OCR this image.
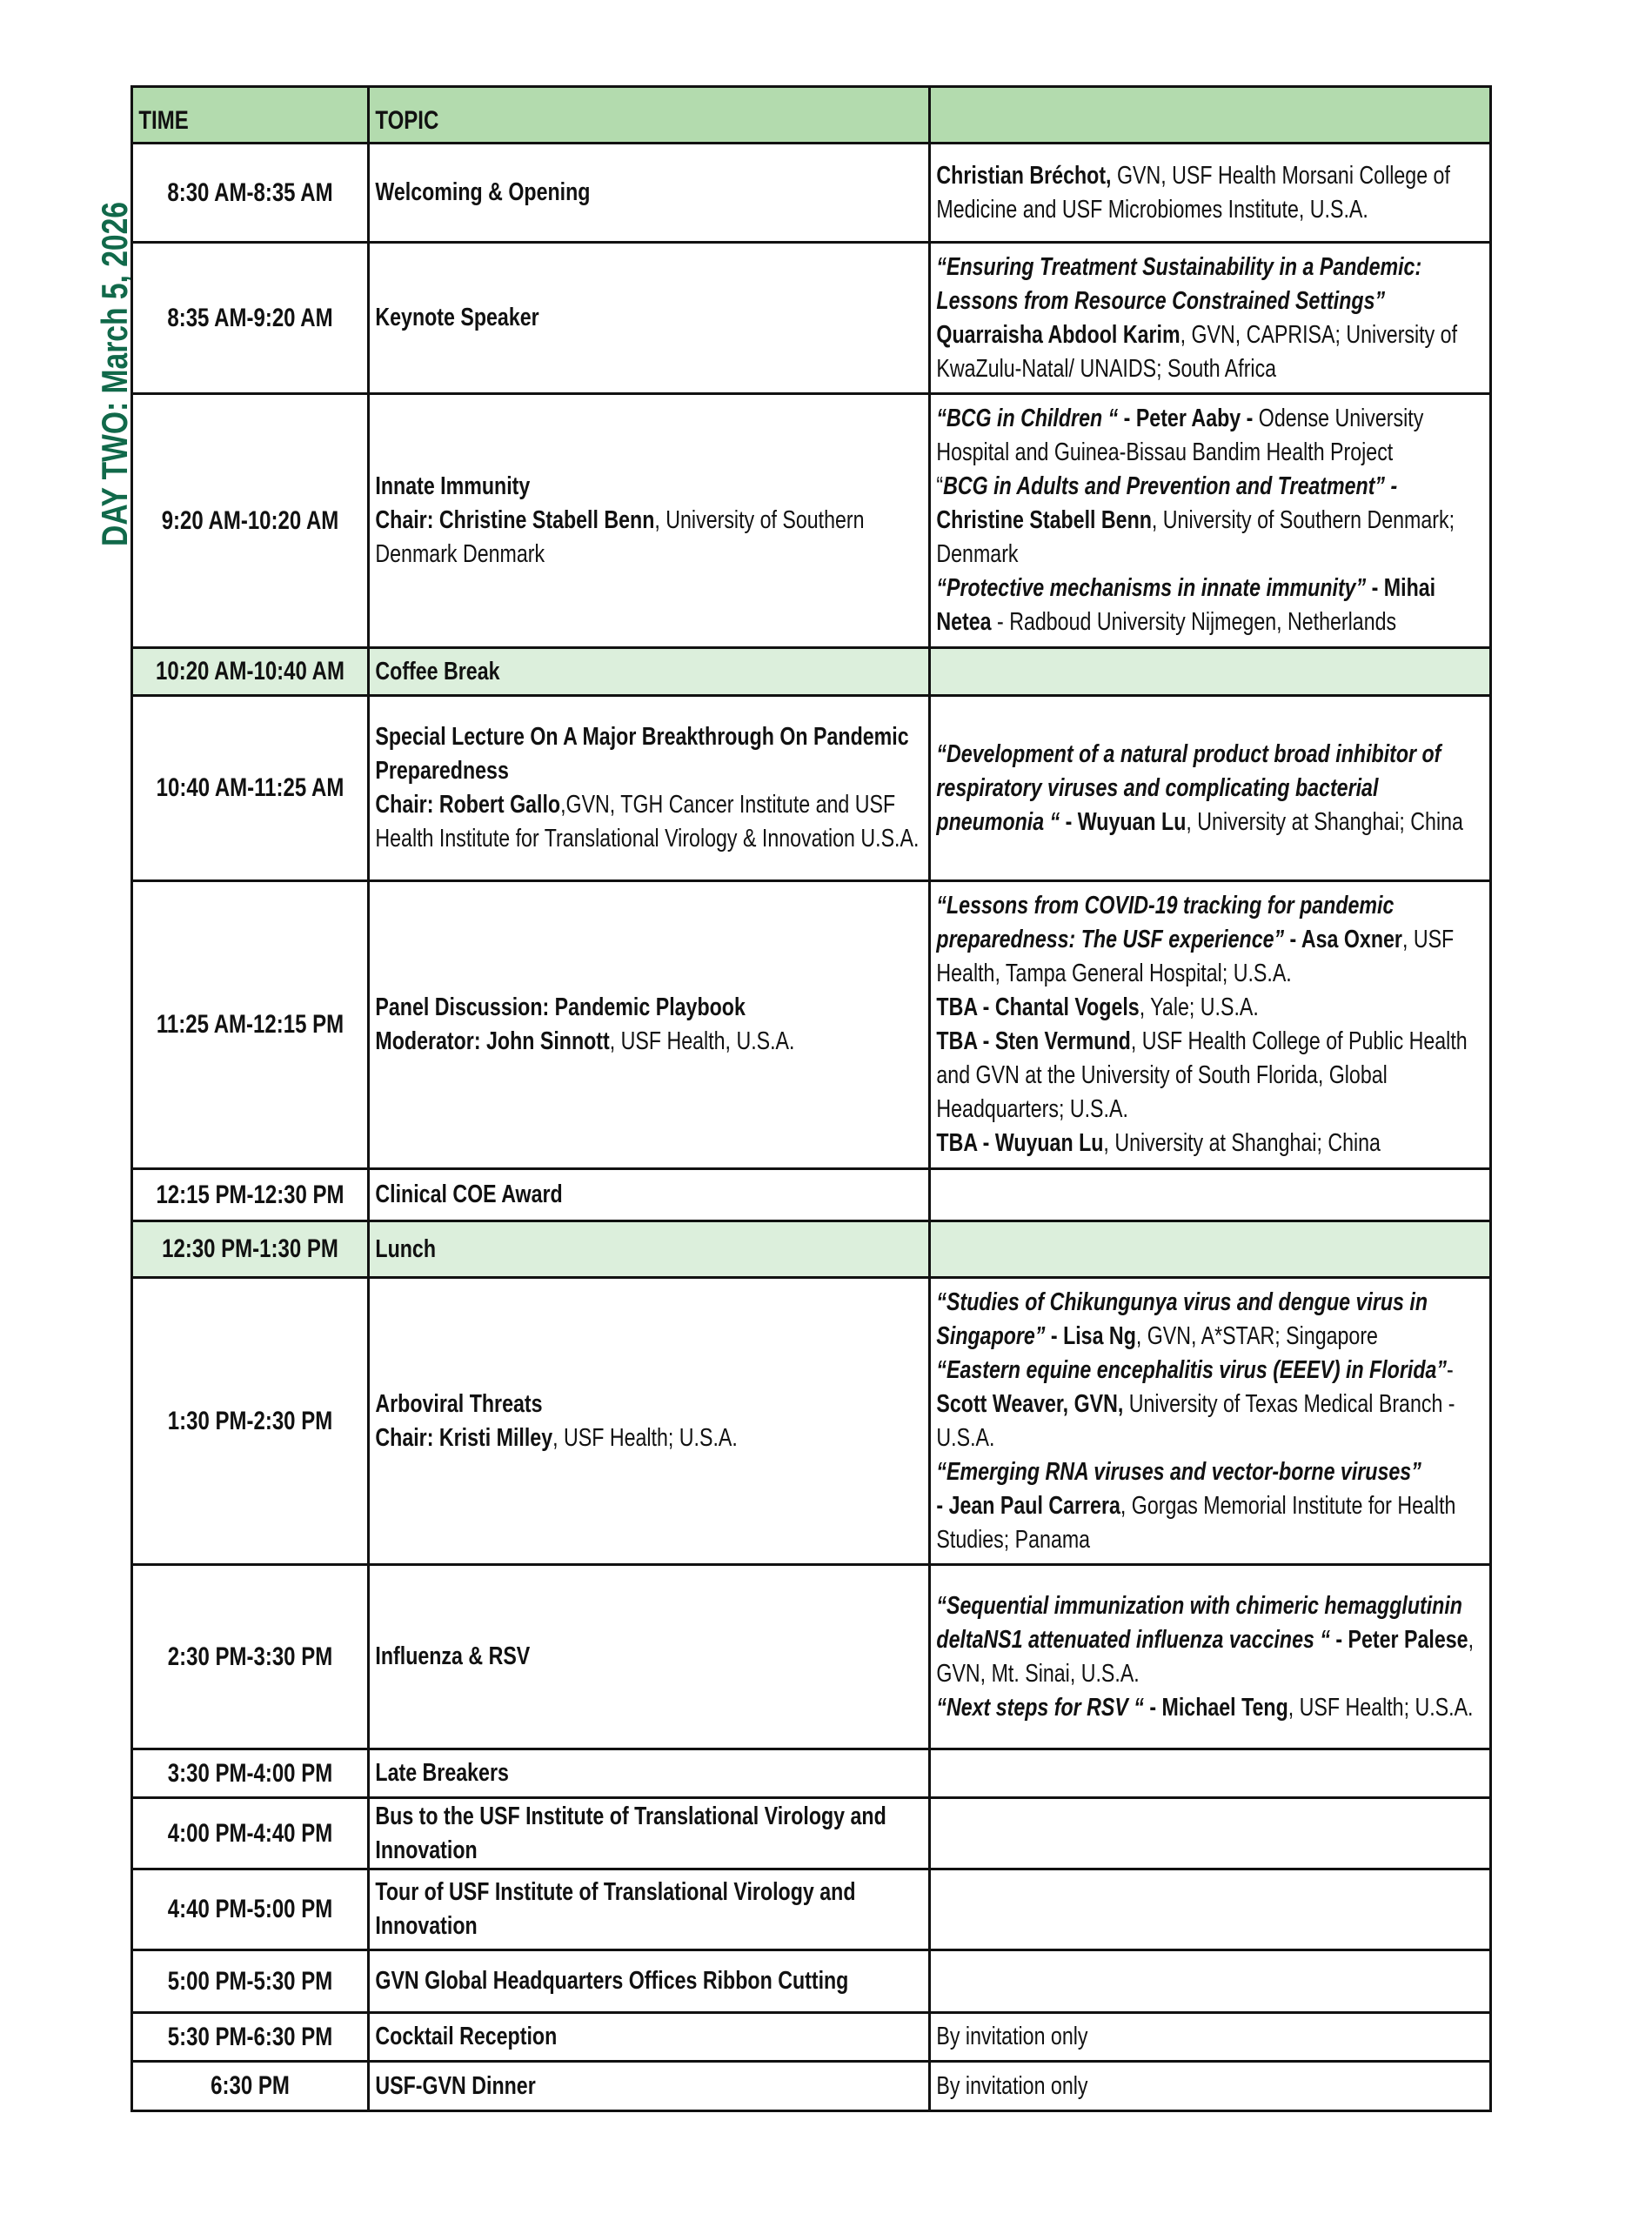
DAY TWO: March 5, 2026
TIME	TOPIC	

8:30 AM-8:35 AM	Welcoming & Opening	Christian Bréchot, GVN, USF Health Morsani College of Medicine and USF Microbiomes Institute, U.S.A.

8:35 AM-9:20 AM	Keynote Speaker	“Ensuring Treatment Sustainability in a Pandemic: Lessons from Resource Constrained Settings”
Quarraisha Abdool Karim, GVN, CAPRISA; University of KwaZulu-Natal/ UNAIDS; South Africa

9:20 AM-10:20 AM	Innate Immunity
Chair: Christine Stabell Benn, University of Southern Denmark Denmark	“BCG in Children “ - Peter Aaby - Odense University Hospital and Guinea-Bissau Bandim Health Project
“BCG in Adults and Prevention and Treatment” -
Christine Stabell Benn, University of Southern Denmark; Denmark
“Protective mechanisms in innate immunity” - Mihai Netea - Radboud University Nijmegen, Netherlands

10:20 AM-10:40 AM	Coffee Break	

10:40 AM-11:25 AM	Special Lecture On A Major Breakthrough On Pandemic Preparedness
Chair: Robert Gallo,GVN, TGH Cancer Institute and USF Health Institute for Translational Virology & Innovation U.S.A.	“Development of a natural product broad inhibitor of respiratory viruses and complicating bacterial pneumonia “ - Wuyuan Lu, University at Shanghai; China

11:25 AM-12:15 PM	Panel Discussion: Pandemic Playbook
Moderator: John Sinnott, USF Health, U.S.A.	“Lessons from COVID-19 tracking for pandemic preparedness: The USF experience” - Asa Oxner, USF Health, Tampa General Hospital; U.S.A.
TBA - Chantal Vogels, Yale; U.S.A.
TBA - Sten Vermund, USF Health College of Public Health and GVN at the University of South Florida, Global Headquarters; U.S.A.
TBA - Wuyuan Lu, University at Shanghai; China

12:15 PM-12:30 PM	Clinical COE Award	

12:30 PM-1:30 PM	Lunch	

1:30 PM-2:30 PM	Arboviral Threats
Chair: Kristi Milley, USF Health; U.S.A.	“Studies of Chikungunya virus and dengue virus in Singapore” - Lisa Ng, GVN, A*STAR; Singapore
“Eastern equine encephalitis virus (EEEV) in Florida”-
Scott Weaver, GVN, University of Texas Medical Branch - U.S.A.
“Emerging RNA viruses and vector-borne viruses”
- Jean Paul Carrera, Gorgas Memorial Institute for Health Studies; Panama

2:30 PM-3:30 PM	Influenza & RSV	“Sequential immunization with chimeric hemagglutinin deltaNS1 attenuated influenza vaccines “ - Peter Palese, GVN, Mt. Sinai, U.S.A.
“Next steps for RSV “ - Michael Teng, USF Health; U.S.A.

3:30 PM-4:00 PM	Late Breakers	

4:00 PM-4:40 PM	Bus to the USF Institute of Translational Virology and Innovation	

4:40 PM-5:00 PM	Tour of USF Institute of Translational Virology and Innovation	

5:00 PM-5:30 PM	GVN Global Headquarters Offices Ribbon Cutting	

5:30 PM-6:30 PM	Cocktail Reception	By invitation only

6:30 PM	USF-GVN Dinner	By invitation only
